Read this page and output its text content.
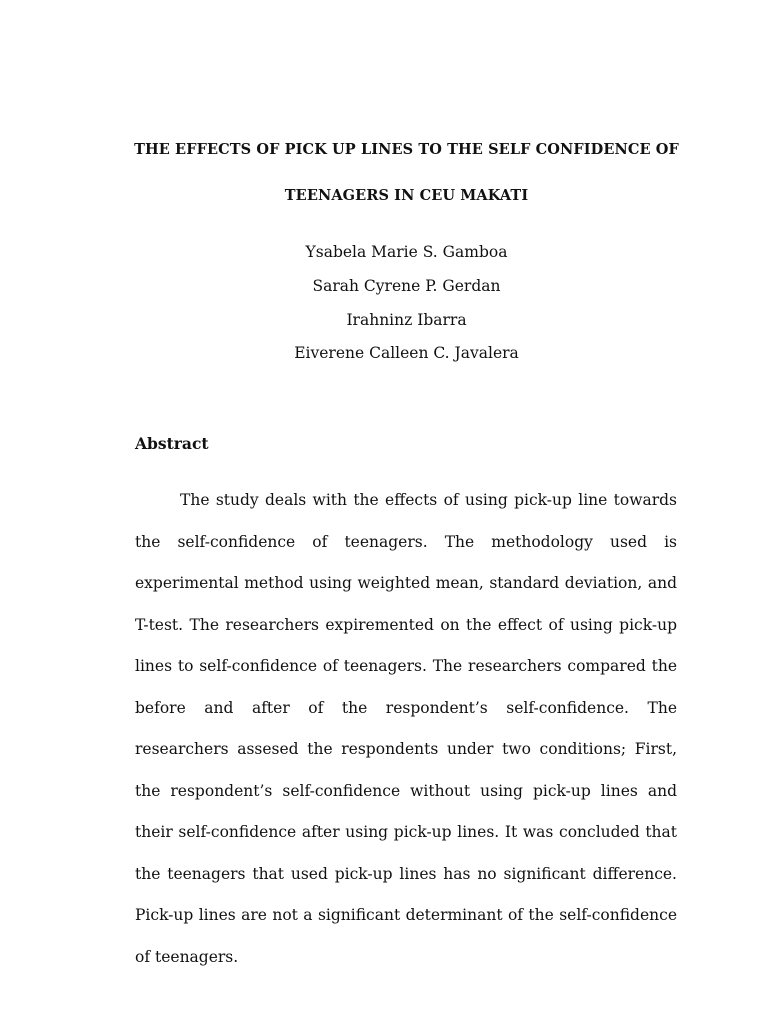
THE EFFECTS OF PICK UP LINES TO THE SELF CONFIDENCE OF
TEENAGERS IN CEU MAKATI
Ysabela Marie S. Gamboa
Sarah Cyrene P. Gerdan
Irahninz Ibarra
Eiverene Calleen C. Javalera
Abstract

The study deals with the effects of using pick-up line towards the self-confidence of teenagers. The methodology used is experimental method using weighted mean, standard deviation, and T-test. The researchers expiremented on the effect of using pick-up lines to self-confidence of teenagers. The researchers compared the before and after of the respondent’s self-confidence. The researchers assesed the respondents under two conditions; First, the respondent’s self-confidence without using pick-up lines and their self-confidence after using pick-up lines. It was concluded that the teenagers that used pick-up lines has no significant difference. Pick-up lines are not a significant determinant of the self-confidence of teenagers.
